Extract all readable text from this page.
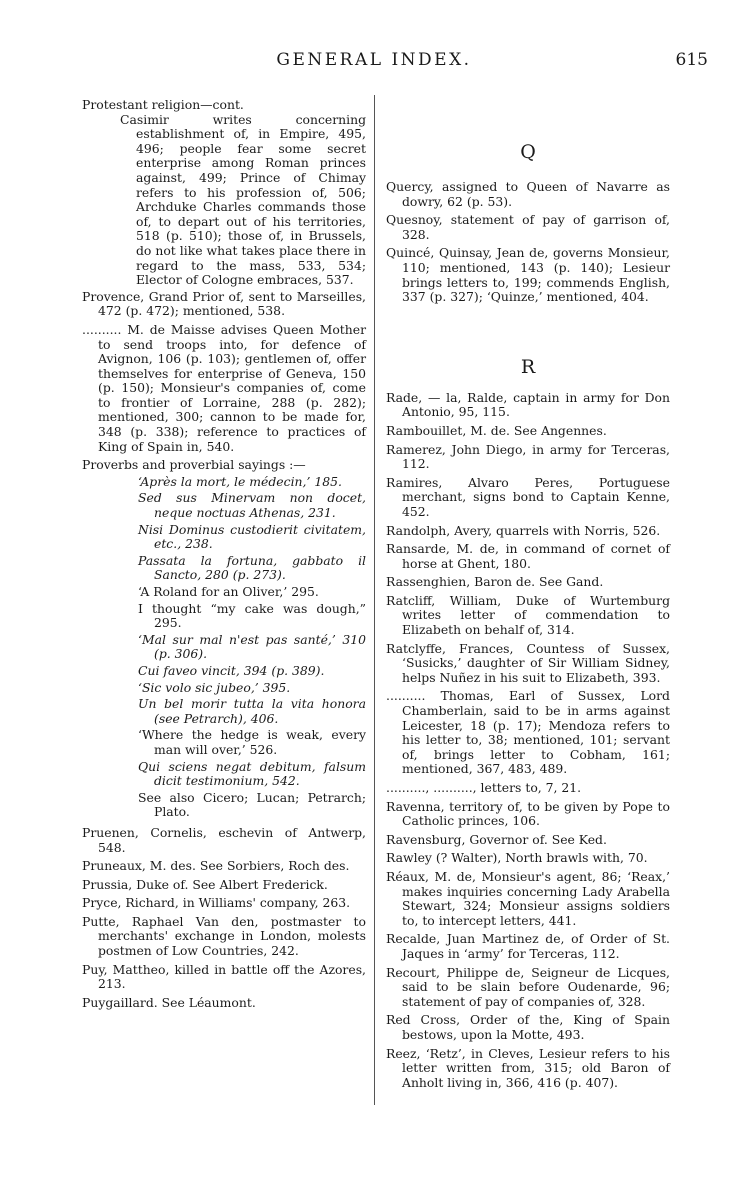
GENERAL INDEX.	615

Protestant religion—cont.

Casimir writes concerning establishment of, in Empire, 495, 496; people fear some secret enterprise among Roman princes against, 499; Prince of Chimay refers to his profession of, 506; Archduke Charles commands those of, to depart out of his territories, 518 (p. 510); those of, in Brussels, do not like what takes place there in regard to the mass, 533, 534; Elector of Cologne embraces, 537.

Provence, Grand Prior of, sent to Marseilles, 472 (p. 472); mentioned, 538.

.......... M. de Maisse advises Queen Mother to send troops into, for defence of Avignon, 106 (p. 103); gentlemen of, offer themselves for enterprise of Geneva, 150 (p. 150); Monsieur's companies of, come to frontier of Lorraine, 288 (p. 282); mentioned, 300; cannon to be made for, 348 (p. 338); reference to practices of King of Spain in, 540.

Proverbs and proverbial sayings :—

‘Après la mort, le médecin,’ 185.

Sed sus Minervam non docet, neque noctuas Athenas, 231.

Nisi Dominus custodierit civitatem, etc., 238.

Passata la fortuna, gabbato il Sancto, 280 (p. 273).

‘A Roland for an Oliver,’ 295.

I thought “my cake was dough,” 295.

‘Mal sur mal n'est pas santé,’ 310 (p. 306).

Cui faveo vincit, 394 (p. 389).

‘Sic volo sic jubeo,’ 395.

Un bel morir tutta la vita honora (see Petrarch), 406.

‘Where the hedge is weak, every man will over,’ 526.

Qui sciens negat debitum, falsum dicit testimonium, 542.

See also Cicero; Lucan; Petrarch; Plato.

Pruenen, Cornelis, eschevin of Antwerp, 548.

Pruneaux, M. des. See Sorbiers, Roch des.

Prussia, Duke of. See Albert Frederick.

Pryce, Richard, in Williams' company, 263.

Putte, Raphael Van den, postmaster to merchants' exchange in London, molests postmen of Low Countries, 242.

Puy, Mattheo, killed in battle off the Azores, 213.

Puygaillard. See Léaumont.

Q

Quercy, assigned to Queen of Navarre as dowry, 62 (p. 53).

Quesnoy, statement of pay of garrison of, 328.

Quincé, Quinsay, Jean de, governs Monsieur, 110; mentioned, 143 (p. 140); Lesieur brings letters to, 199; commends English, 337 (p. 327); ‘Quinze,’ mentioned, 404.

R

Rade, — la, Ralde, captain in army for Don Antonio, 95, 115.

Rambouillet, M. de. See Angennes.

Ramerez, John Diego, in army for Terceras, 112.

Ramires, Alvaro Peres, Portuguese merchant, signs bond to Captain Kenne, 452.

Randolph, Avery, quarrels with Norris, 526.

Ransarde, M. de, in command of cornet of horse at Ghent, 180.

Rassenghien, Baron de. See Gand.

Ratcliff, William, Duke of Wurtemburg writes letter of commendation to Elizabeth on behalf of, 314.

Ratclyffe, Frances, Countess of Sussex, ‘Susicks,’ daughter of Sir William Sidney, helps Nuñez in his suit to Elizabeth, 393.

.......... Thomas, Earl of Sussex, Lord Chamberlain, said to be in arms against Leicester, 18 (p. 17); Mendoza refers to his letter to, 38; mentioned, 101; servant of, brings letter to Cobham, 161; mentioned, 367, 483, 489.

.........., .........., letters to, 7, 21.

Ravenna, territory of, to be given by Pope to Catholic princes, 106.

Ravensburg, Governor of. See Ked.

Rawley (? Walter), North brawls with, 70.

Réaux, M. de, Monsieur's agent, 86; ‘Reax,’ makes inquiries concerning Lady Arabella Stewart, 324; Monsieur assigns soldiers to, to intercept letters, 441.

Recalde, Juan Martinez de, of Order of St. Jaques in ‘army’ for Terceras, 112.

Recourt, Philippe de, Seigneur de Licques, said to be slain before Oudenarde, 96; statement of pay of companies of, 328.

Red Cross, Order of the, King of Spain bestows, upon la Motte, 493.

Reez, ‘Retz’, in Cleves, Lesieur refers to his letter written from, 315; old Baron of Anholt living in, 366, 416 (p. 407).
